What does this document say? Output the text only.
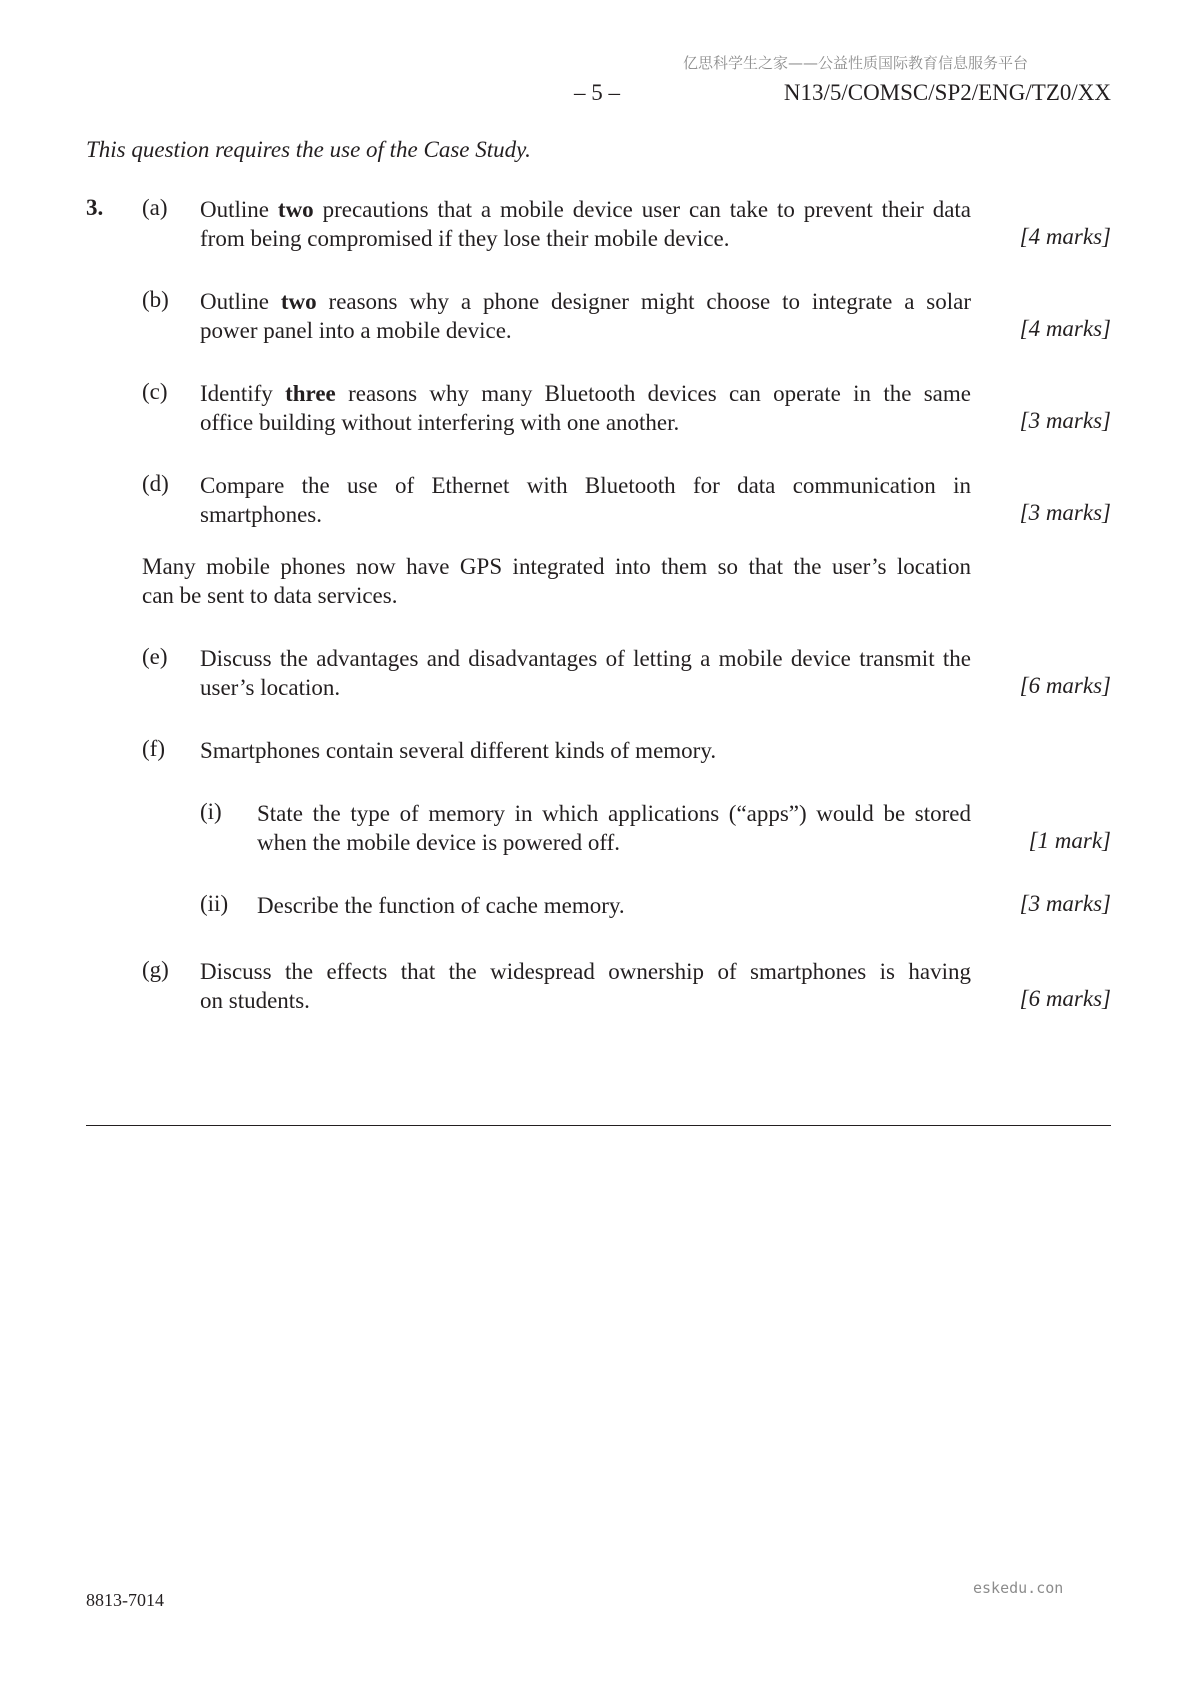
亿思科学生之家——公益性质国际教育信息服务平台
– 5 –	N13/5/COMSC/SP2/ENG/TZ0/XX
This question requires the use of the Case Study.
3. (a) Outline two precautions that a mobile device user can take to prevent their data
from being compromised if they lose their mobile device.	[4 marks]
(b) Outline two reasons why a phone designer might choose to integrate a solar
power panel into a mobile device.	[4 marks]
(c) Identify three reasons why many Bluetooth devices can operate in the same
office building without interfering with one another.	[3 marks]
(d) Compare the use of Ethernet with Bluetooth for data communication in
smartphones.	[3 marks]
Many mobile phones now have GPS integrated into them so that the user’s location
can be sent to data services.
(e) Discuss the advantages and disadvantages of letting a mobile device transmit the
user’s location.	[6 marks]
(f) Smartphones contain several different kinds of memory.
(i) State the type of memory in which applications (“apps”) would be stored
when the mobile device is powered off.	[1 mark]
(ii) Describe the function of cache memory.	[3 marks]
(g) Discuss the effects that the widespread ownership of smartphones is having
on students.	[6 marks]
eskedu.con
8813-7014
